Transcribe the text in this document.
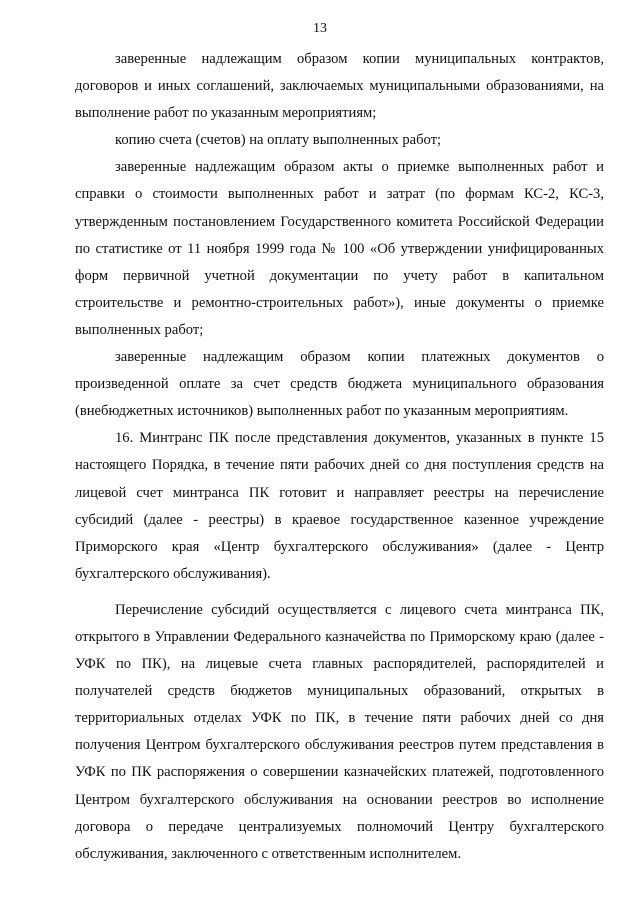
13

заверенные надлежащим образом копии муниципальных контрактов, договоров и иных соглашений, заключаемых муниципальными образованиями, на выполнение работ по указанным мероприятиям;

копию счета (счетов) на оплату выполненных работ;

заверенные надлежащим образом акты о приемке выполненных работ и справки о стоимости выполненных работ и затрат (по формам КС-2, КС-3, утвержденным постановлением Государственного комитета Российской Федерации по статистике от 11 ноября 1999 года № 100 «Об утверждении унифицированных форм первичной учетной документации по учету работ в капитальном строительстве и ремонтно-строительных работ»), иные документы о приемке выполненных работ;

заверенные надлежащим образом копии платежных документов о произведенной оплате за счет средств бюджета муниципального образования (внебюджетных источников) выполненных работ по указанным мероприятиям.

16. Минтранс ПК после представления документов, указанных в пункте 15 настоящего Порядка, в течение пяти рабочих дней со дня поступления средств на лицевой счет минтранса ПК готовит и направляет реестры на перечисление субсидий (далее - реестры) в краевое государственное казенное учреждение Приморского края «Центр бухгалтерского обслуживания» (далее - Центр бухгалтерского обслуживания).

Перечисление субсидий осуществляется с лицевого счета минтранса ПК, открытого в Управлении Федерального казначейства по Приморскому краю (далее - УФК по ПК), на лицевые счета главных распорядителей, распорядителей и получателей средств бюджетов муниципальных образований, открытых в территориальных отделах УФК по ПК, в течение пяти рабочих дней со дня получения Центром бухгалтерского обслуживания реестров путем представления в УФК по ПК распоряжения о совершении казначейских платежей, подготовленного Центром бухгалтерского обслуживания на основании реестров во исполнение договора о передаче централизуемых полномочий Центру бухгалтерского обслуживания, заключенного с ответственным исполнителем.
